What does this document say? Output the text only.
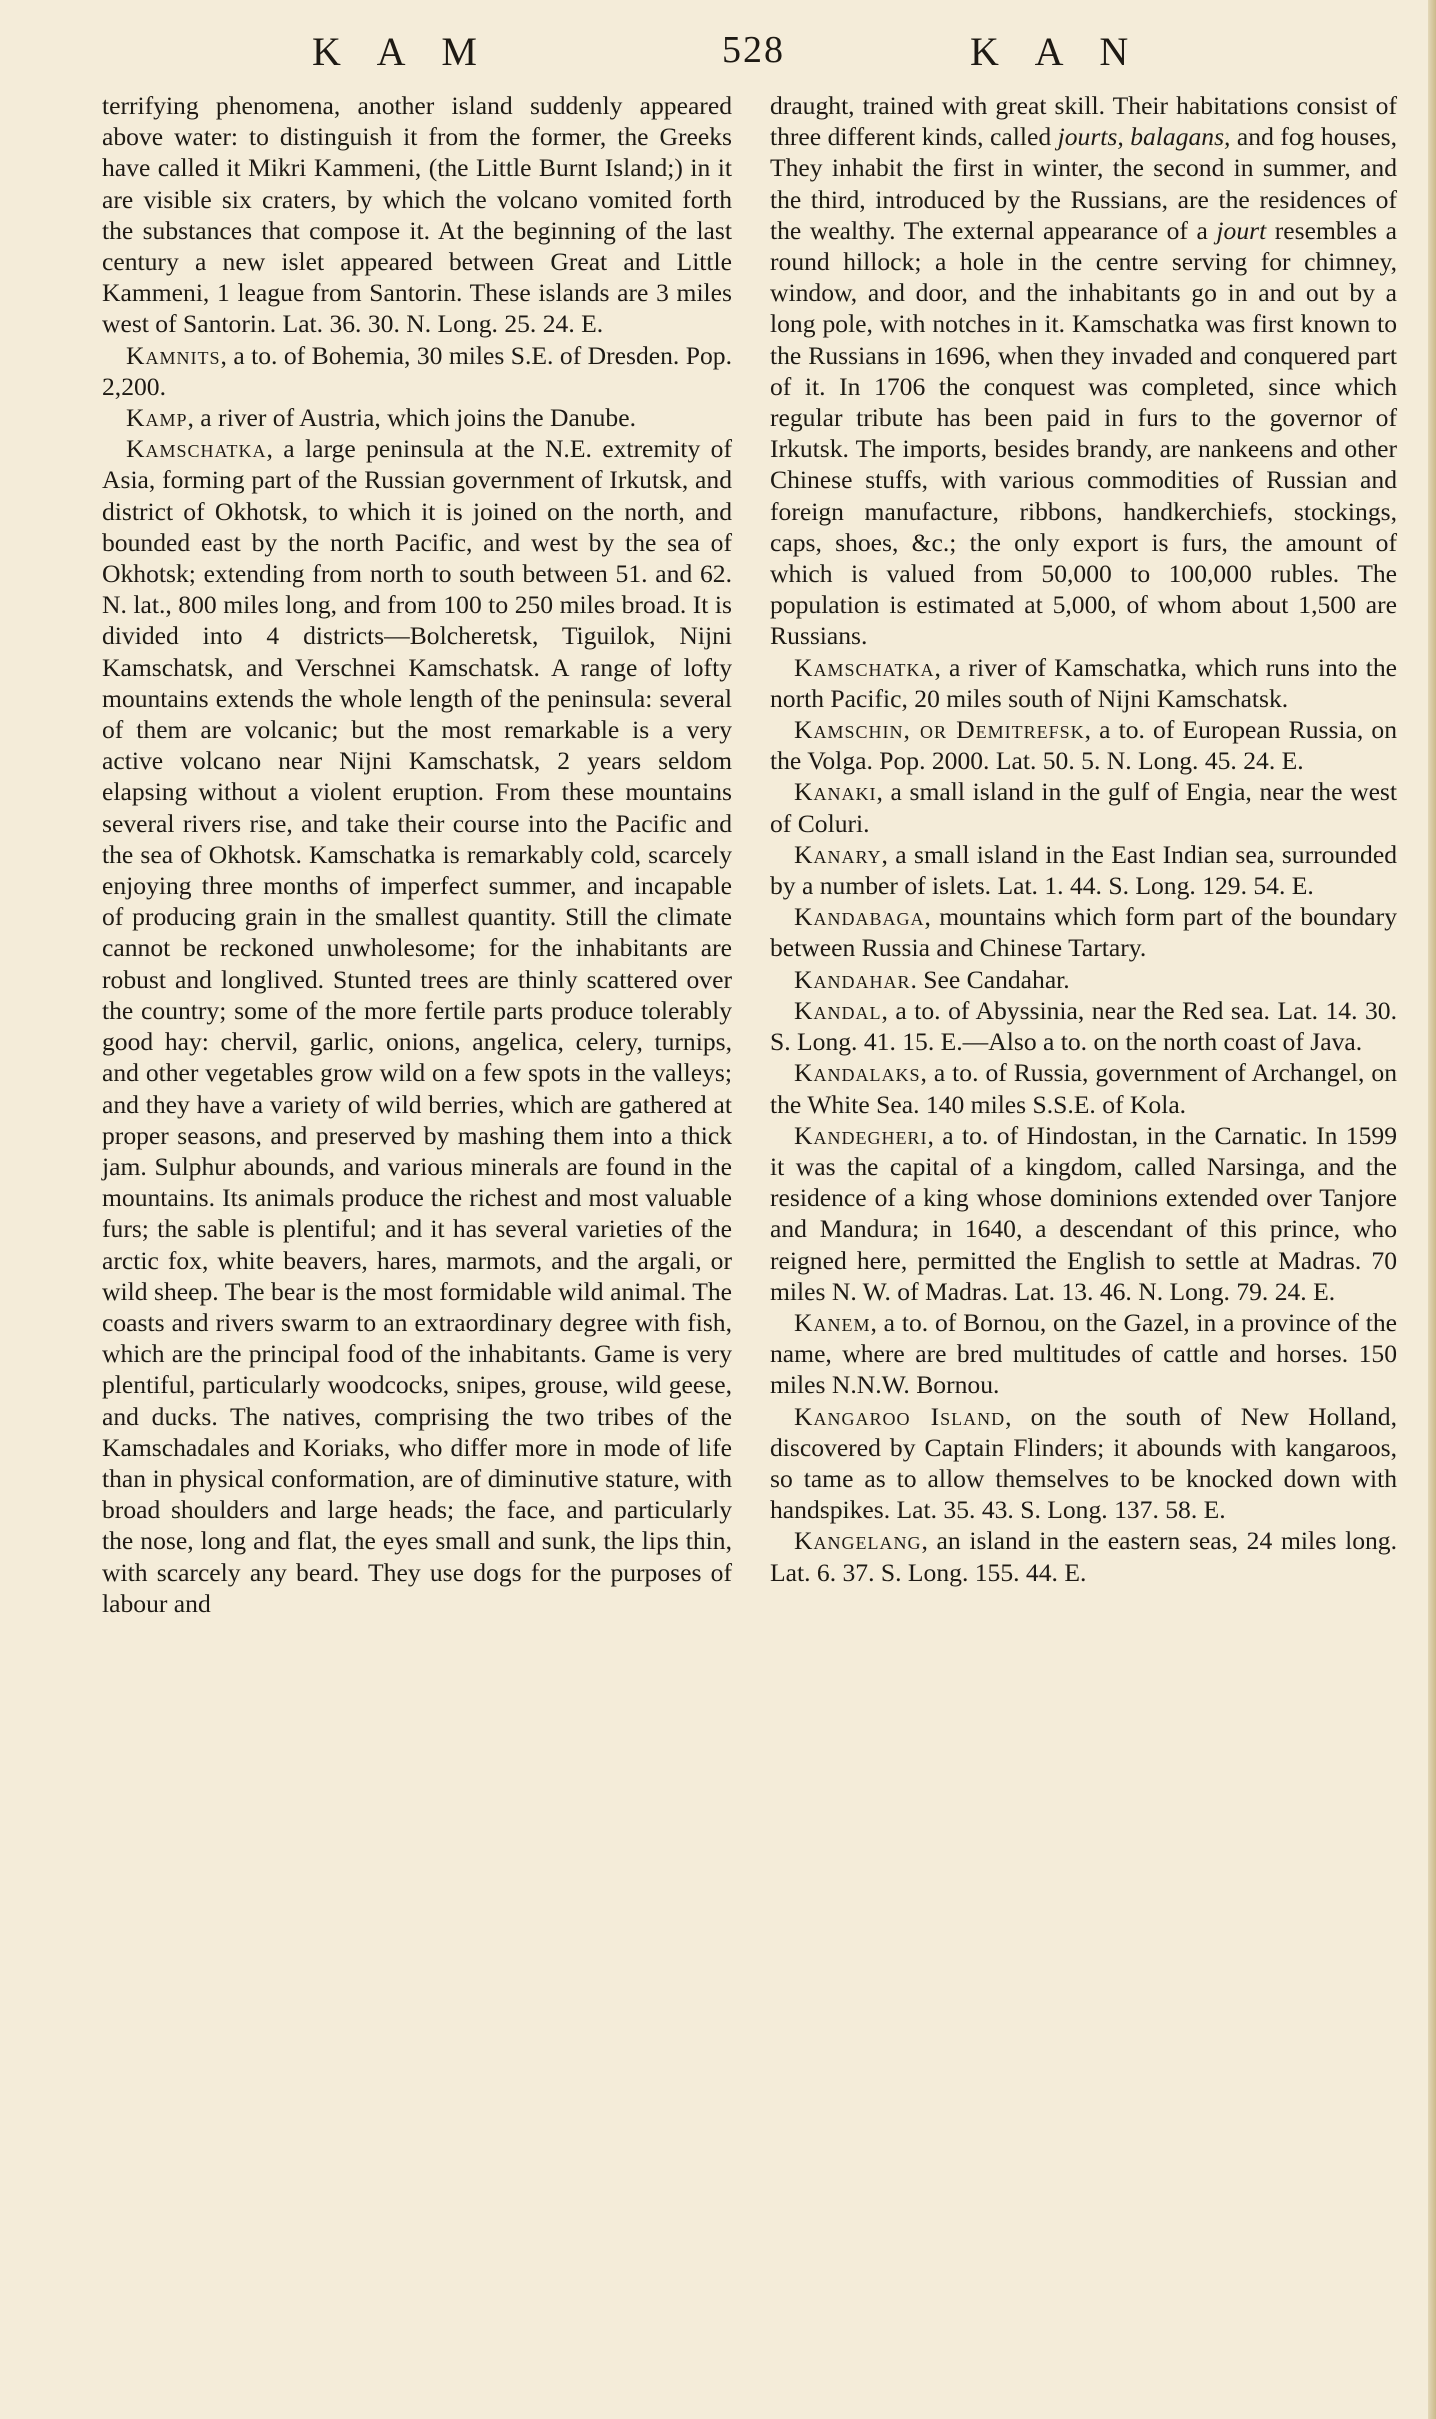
K A M	528	K A N

terrifying phenomena, another island suddenly appeared above water: to distinguish it from the former, the Greeks have called it Mikri Kammeni, (the Little Burnt Island;) in it are visible six craters, by which the volcano vomited forth the substances that compose it. At the beginning of the last century a new islet appeared between Great and Little Kammeni, 1 league from Santorin. These islands are 3 miles west of Santorin. Lat. 36. 30. N. Long. 25. 24. E.

Kamnits, a to. of Bohemia, 30 miles S.E. of Dresden. Pop. 2,200.

Kamp, a river of Austria, which joins the Danube.

Kamschatka, a large peninsula at the N.E. extremity of Asia, forming part of the Russian government of Irkutsk, and district of Okhotsk, to which it is joined on the north, and bounded east by the north Pacific, and west by the sea of Okhotsk; extending from north to south between 51. and 62. N. lat., 800 miles long, and from 100 to 250 miles broad. It is divided into 4 districts—Bolcheretsk, Tiguilok, Nijni Kamschatsk, and Verschnei Kamschatsk. A range of lofty mountains extends the whole length of the peninsula: several of them are volcanic; but the most remarkable is a very active volcano near Nijni Kamschatsk, 2 years seldom elapsing without a violent eruption. From these mountains several rivers rise, and take their course into the Pacific and the sea of Okhotsk. Kamschatka is remarkably cold, scarcely enjoying three months of imperfect summer, and incapable of producing grain in the smallest quantity. Still the climate cannot be reckoned unwholesome; for the inhabitants are robust and longlived. Stunted trees are thinly scattered over the country; some of the more fertile parts produce tolerably good hay: chervil, garlic, onions, angelica, celery, turnips, and other vegetables grow wild on a few spots in the valleys; and they have a variety of wild berries, which are gathered at proper seasons, and preserved by mashing them into a thick jam. Sulphur abounds, and various minerals are found in the mountains. Its animals produce the richest and most valuable furs; the sable is plentiful; and it has several varieties of the arctic fox, white beavers, hares, marmots, and the argali, or wild sheep. The bear is the most formidable wild animal. The coasts and rivers swarm to an extraordinary degree with fish, which are the principal food of the inhabitants. Game is very plentiful, particularly woodcocks, snipes, grouse, wild geese, and ducks. The natives, comprising the two tribes of the Kamschadales and Koriaks, who differ more in mode of life than in physical conformation, are of diminutive stature, with broad shoulders and large heads; the face, and particularly the nose, long and flat, the eyes small and sunk, the lips thin, with scarcely any beard. They use dogs for the purposes of labour and

draught, trained with great skill. Their habitations consist of three different kinds, called jourts, balagans, and fog houses, They inhabit the first in winter, the second in summer, and the third, introduced by the Russians, are the residences of the wealthy. The external appearance of a jourt resembles a round hillock; a hole in the centre serving for chimney, window, and door, and the inhabitants go in and out by a long pole, with notches in it. Kamschatka was first known to the Russians in 1696, when they invaded and conquered part of it. In 1706 the conquest was completed, since which regular tribute has been paid in furs to the governor of Irkutsk. The imports, besides brandy, are nankeens and other Chinese stuffs, with various commodities of Russian and foreign manufacture, ribbons, handkerchiefs, stockings, caps, shoes, &c.; the only export is furs, the amount of which is valued from 50,000 to 100,000 rubles. The population is estimated at 5,000, of whom about 1,500 are Russians.

Kamschatka, a river of Kamschatka, which runs into the north Pacific, 20 miles south of Nijni Kamschatsk.

Kamschin, or Demitrefsk, a to. of European Russia, on the Volga. Pop. 2000. Lat. 50. 5. N. Long. 45. 24. E.

Kanaki, a small island in the gulf of Engia, near the west of Coluri.

Kanary, a small island in the East Indian sea, surrounded by a number of islets. Lat. 1. 44. S. Long. 129. 54. E.

Kandabaga, mountains which form part of the boundary between Russia and Chinese Tartary.

Kandahar. See Candahar.

Kandal, a to. of Abyssinia, near the Red sea. Lat. 14. 30. S. Long. 41. 15. E.—Also a to. on the north coast of Java.

Kandalaks, a to. of Russia, government of Archangel, on the White Sea. 140 miles S.S.E. of Kola.

Kandegheri, a to. of Hindostan, in the Carnatic. In 1599 it was the capital of a kingdom, called Narsinga, and the residence of a king whose dominions extended over Tanjore and Mandura; in 1640, a descendant of this prince, who reigned here, permitted the English to settle at Madras. 70 miles N. W. of Madras. Lat. 13. 46. N. Long. 79. 24. E.

Kanem, a to. of Bornou, on the Gazel, in a province of the name, where are bred multitudes of cattle and horses. 150 miles N.N.W. Bornou.

Kangaroo Island, on the south of New Holland, discovered by Captain Flinders; it abounds with kangaroos, so tame as to allow themselves to be knocked down with handspikes. Lat. 35. 43. S. Long. 137. 58. E.

Kangelang, an island in the eastern seas, 24 miles long. Lat. 6. 37. S. Long. 155. 44. E.
